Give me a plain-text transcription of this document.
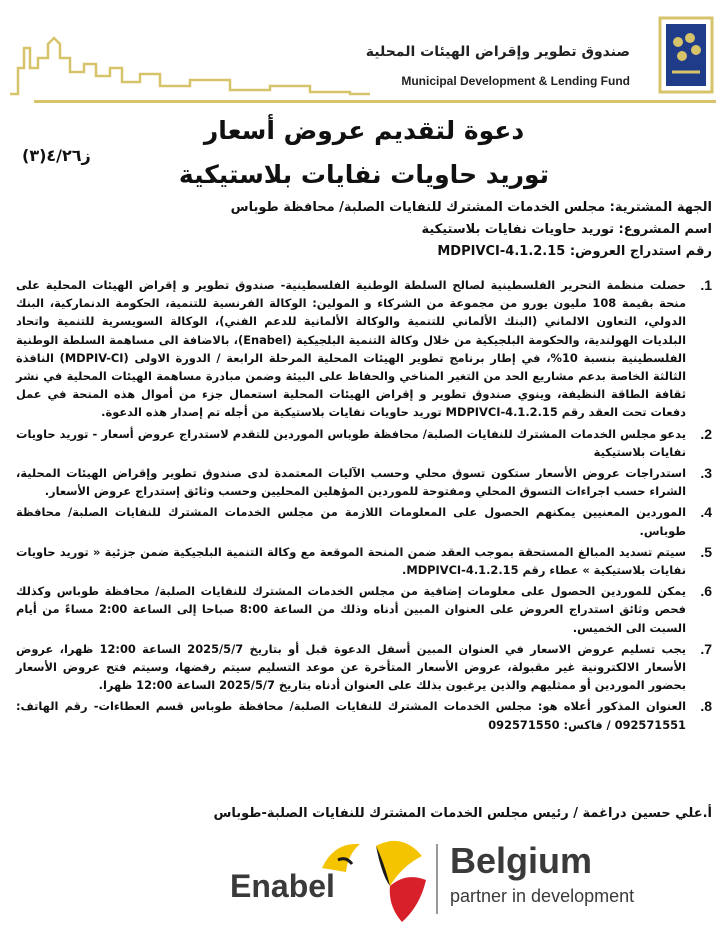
صندوق تطوير وإقراض الهيئات المحلية
Municipal Development & Lending Fund
دعوة لتقديم عروض أسعار
توريد حاويات نفايات بلاستيكية
ز٤/٢٦(٣)
الجهة المشترية: مجلس الخدمات المشترك للنفايات الصلبة/ محافظة طوباس
اسم المشروع: توريد حاويات نفايات بلاستيكية
رقم استدراج العروض: MDPIVCI-4.1.2.15
1.
حصلت منظمة التحرير الفلسطينية لصالح السلطة الوطنية الفلسطينية- صندوق تطوير و إقراض الهيئات المحلية على منحة بقيمة 108 مليون يورو من مجموعة من الشركاء و المولين: الوكالة الفرنسية للتنمية، الحكومة الدنماركية، البنك الدولي، التعاون الالماني (البنك الألماني للتنمية والوكالة الألمانية للدعم الفني)، الوكالة السويسرية للتنمية واتحاد البلديات الهولندية، والحكومة البلجيكية من خلال وكالة التنمية البلجيكية (Enabel)، بالاضافة الى مساهمة السلطة الوطنية الفلسطينية بنسبة 10%، في إطار برنامج تطوير الهيئات المحلية المرحلة الرابعة / الدورة الاولى (MDPIV-CI) النافذة الثالثة الخاصة بدعم مشاريع الحد من التغير المناخي والحفاظ على البيئة وضمن مبادرة مساهمة الهيئات المحلية في نشر ثقافة الطاقة النظيفة، وينوي صندوق تطوير و إقراض الهيئات المحلية استعمال جزء من أموال هذه المنحة في عمل دفعات تحت العقد رقم MDPIVCI-4.1.2.15 توريد حاويات نفايات بلاستيكية من أجله تم إصدار هذه الدعوة.
2.
يدعو مجلس الخدمات المشترك للنفايات الصلبة/ محافظة طوباس الموردين للتقدم لاستدراج عروض أسعار - توريد حاويات نفايات بلاستيكية
3.
استدراجات عروض الأسعار ستكون تسوق محلي وحسب الآليات المعتمدة لدى صندوق تطوير وإقراض الهيئات المحلية، الشراء حسب اجراءات التسوق المحلي ومفتوحة للموردين المؤهلين المحليين وحسب وثائق إستدراج عروض الأسعار.
4.
الموردين المعنيين يمكنهم الحصول على المعلومات اللازمة من مجلس الخدمات المشترك للنفايات الصلبة/ محافظة طوباس.
5.
سيتم تسديد المبالغ المستحقة بموجب العقد ضمن المنحة الموقعة مع وكالة التنمية البلجيكية ضمن جزئية « توريد حاويات نفايات بلاستيكية » عطاء رقم MDPIVCI-4.1.2.15.
6.
يمكن للموردين الحصول على معلومات إضافية من مجلس الخدمات المشترك للنفايات الصلبة/ محافظة طوباس وكذلك فحص وثائق استدراج العروض على العنوان المبين أدناه وذلك من الساعة 8:00 صباحا إلى الساعة 2:00 مساءً من أيام السبت الى الخميس.
7.
يجب تسليم عروض الاسعار في العنوان المبين أسفل الدعوة قبل أو بتاريخ 2025/5/7 الساعة 12:00 ظهرا، عروض الأسعار الالكترونية غير مقبولة، عروض الأسعار المتأخرة عن موعد التسليم سيتم رفضها، وسيتم فتح عروض الأسعار بحضور الموردين أو ممثليهم والذين يرغبون بذلك على العنوان أدناه بتاريخ 2025/5/7 الساعة 12:00 ظهرا.
8.
العنوان المذكور أعلاه هو: مجلس الخدمات المشترك للنفايات الصلبة/ محافظة طوباس قسم العطاءات- رقم الهاتف: 092571551 / فاكس: 092571550
أ.علي حسين دراغمة / رئيس مجلس الخدمات المشترك للنفايات الصلبة-طوباس
Enabel
Belgium
partner in development
